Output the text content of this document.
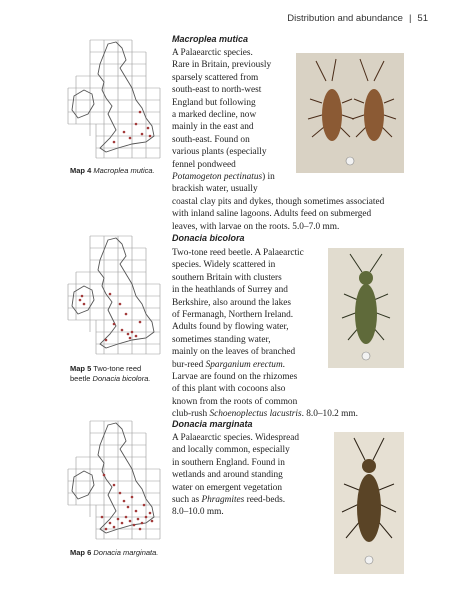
Distribution and abundance | 51
Map 4 Macroplea mutica.
Macroplea mutica
A Palaearctic species.
Rare in Britain, previously
sparsely scattered from
south-east to north-west
England but following
a marked decline, now
mainly in the east and
south-east. Found on
various plants (especially
fennel pondweed
Potamogeton pectinatus) in
brackish water, usually
coastal clay pits and dykes, though sometimes associated
with inland saline lagoons. Adults feed on submerged
leaves, with larvae on the roots. 5.0–7.0 mm.
Map 5 Two-tone reed
beetle Donacia bicolora.
Donacia bicolora
Two-tone reed beetle. A Palaearctic
species. Widely scattered in
southern Britain with clusters
in the heathlands of Surrey and
Berkshire, also around the lakes
of Fermanagh, Northern Ireland.
Adults found by flowing water,
sometimes standing water,
mainly on the leaves of branched
bur-reed Sparganium erectum.
Larvae are found on the rhizomes
of this plant with cocoons also
known from the roots of common
club-rush Schoenoplectus lacustris. 8.0–10.2 mm.
Map 6 Donacia marginata.
Donacia marginata
A Palaearctic species. Widespread
and locally common, especially
in southern England. Found in
wetlands and around standing
water on emergent vegetation
such as Phragmites reed-beds.
8.0–10.0 mm.
